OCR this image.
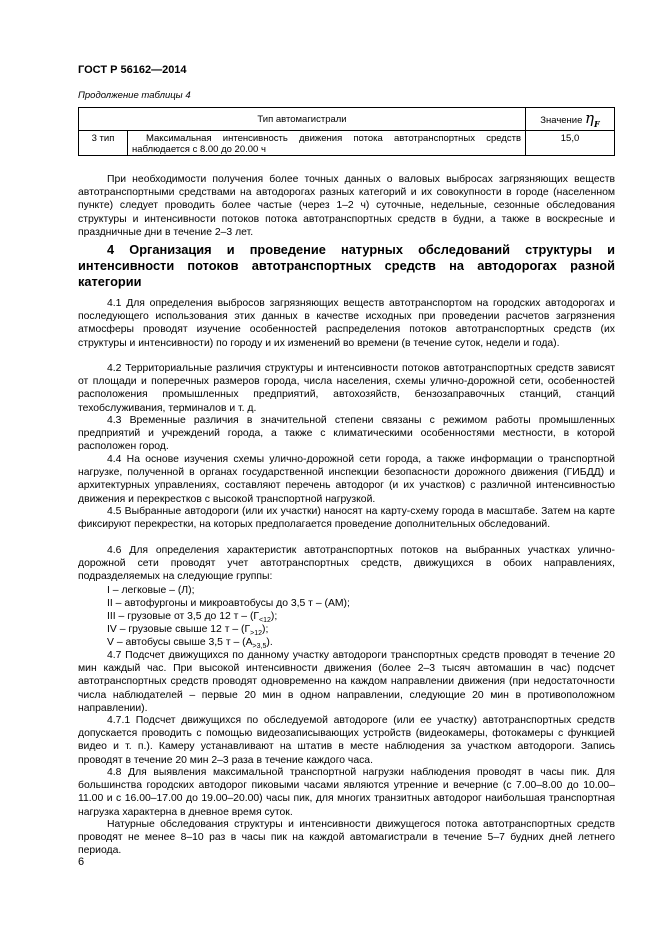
ГОСТ Р 56162—2014
Продолжение таблицы 4
Тип автомагистрали		Значение $\eta_F$
3 тип	Максимальная интенсивность движения потока автотранспортных средств наблюдается с 8.00 до 20.00 ч	15,0

При необходимости получения более точных данных о валовых выбросах загрязняющих веществ автотранспортными средствами на автодорогах разных категорий и их совокупности в городе (населенном пункте) следует проводить более частые (через 1–2 ч) суточные, недельные, сезонные обследования структуры и интенсивности потоков потока автотранспортных средств в будни, а также в воскресные и праздничные дни в течение 2–3 лет.

4 Организация и проведение натурных обследований структуры и интенсивности потоков автотранспортных средств на автодорогах разной категории

4.1 Для определения выбросов загрязняющих веществ автотранспортом на городских автодорогах и последующего использования этих данных в качестве исходных при проведении расчетов загрязнения атмосферы проводят изучение особенностей распределения потоков автотранспортных средств (их структуры и интенсивности) по городу и их изменений во времени (в течение суток, недели и года).

4.2 Территориальные различия структуры и интенсивности потоков автотранспортных средств зависят от площади и поперечных размеров города, числа населения, схемы улично-дорожной сети, особенностей расположения промышленных предприятий, автохозяйств, бензозаправочных станций, станций техобслуживания, терминалов и т. д.

4.3 Временные различия в значительной степени связаны с режимом работы промышленных предприятий и учреждений города, а также с климатическими особенностями местности, в которой расположен город.

4.4 На основе изучения схемы улично-дорожной сети города, а также информации о транспортной нагрузке, полученной в органах государственной инспекции безопасности дорожного движения (ГИБДД) и архитектурных управлениях, составляют перечень автодорог (и их участков) с различной интенсивностью движения и перекрестков с высокой транспортной нагрузкой.

4.5 Выбранные автодороги (или их участки) наносят на карту-схему города в масштабе. Затем на карте фиксируют перекрестки, на которых предполагается проведение дополнительных обследований.

4.6 Для определения характеристик автотранспортных потоков на выбранных участках улично-дорожной сети проводят учет автотранспортных средств, движущихся в обоих направлениях, подразделяемых на следующие группы:

I – легковые – (Л);
II – автофургоны и микроавтобусы до 3,5 т – (АМ);
III – грузовые от 3,5 до 12 т – $(Г_{<12})$;
IV – грузовые свыше 12 т – $(Г_{>12})$;
V – автобусы свыше 3,5 т – $(А_{>3,5})$.

4.7 Подсчет движущихся по данному участку автодороги транспортных средств проводят в течение 20 мин каждый час. При высокой интенсивности движения (более 2–3 тысяч автомашин в час) подсчет автотранспортных средств проводят одновременно на каждом направлении движения (при недостаточности числа наблюдателей – первые 20 мин в одном направлении, следующие 20 мин в противоположном направлении).

4.7.1 Подсчет движущихся по обследуемой автодороге (или ее участку) автотранспортных средств допускается проводить с помощью видеозаписывающих устройств (видеокамеры, фотокамеры с функцией видео и т. п.). Камеру устанавливают на штатив в месте наблюдения за участком автодороги. Запись проводят в течение 20 мин 2–3 раза в течение каждого часа.

4.8 Для выявления максимальной транспортной нагрузки наблюдения проводят в часы пик. Для большинства городских автодорог пиковыми часами являются утренние и вечерние (с 7.00–8.00 до 10.00–11.00 и с 16.00–17.00 до 19.00–20.00) часы пик, для многих транзитных автодорог наибольшая транспортная нагрузка характерна в дневное время суток.

Натурные обследования структуры и интенсивности движущегося потока автотранспортных средств проводят не менее 8–10 раз в часы пик на каждой автомагистрали в течение 5–7 будних дней летнего периода.

6
